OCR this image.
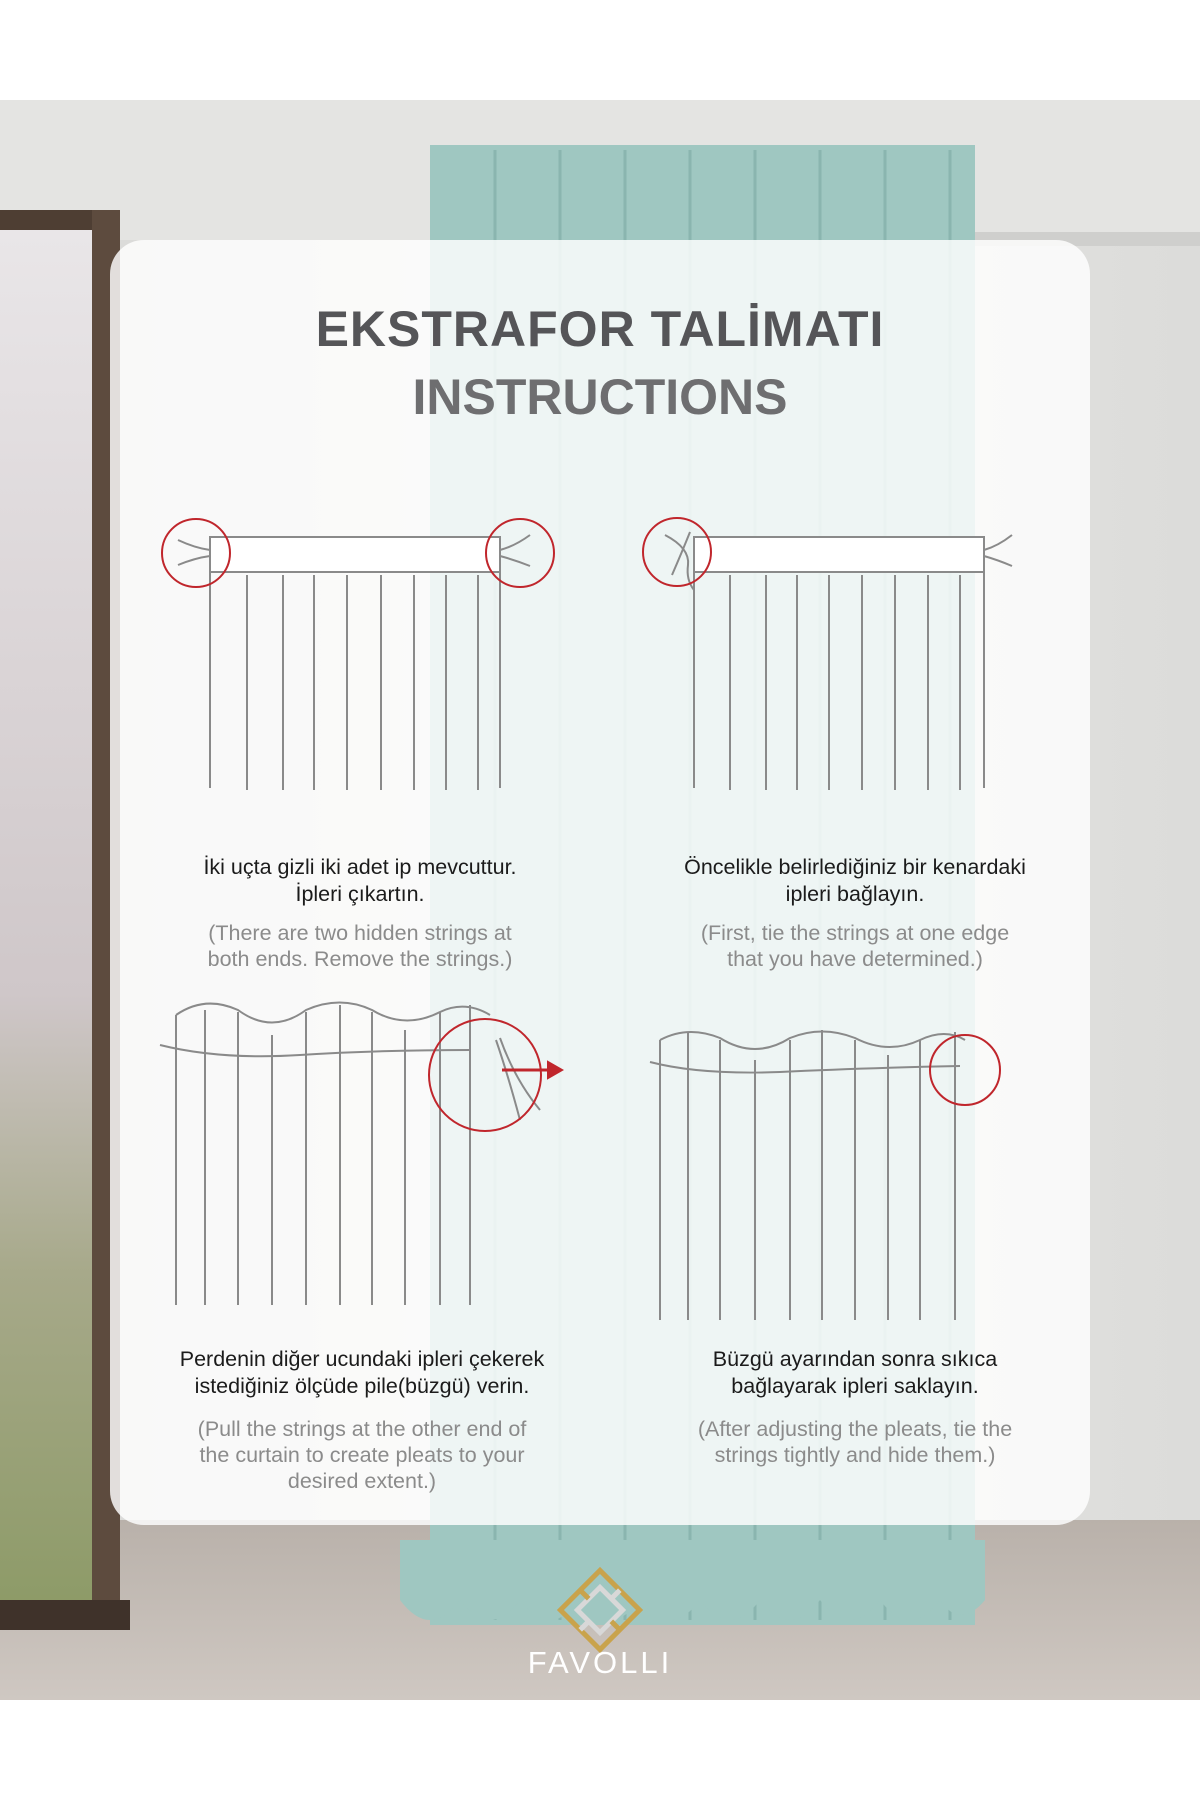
EKSTRAFOR TALİMATI
INSTRUCTIONS
İki uçta gizli iki adet ip mevcuttur.
İpleri çıkartın.
(There are two hidden strings at
both ends. Remove the strings.)
Öncelikle belirlediğiniz bir kenardaki
ipleri bağlayın.
(First, tie the strings at one edge
that you have determined.)
Perdenin diğer ucundaki ipleri çekerek
istediğiniz ölçüde pile(büzgü) verin.
(Pull the strings at the other end of
the curtain to create pleats to your
desired extent.)
Büzgü ayarından sonra sıkıca
bağlayarak ipleri saklayın.
(After adjusting the pleats, tie the
strings tightly and hide them.)
FAVOLLI
